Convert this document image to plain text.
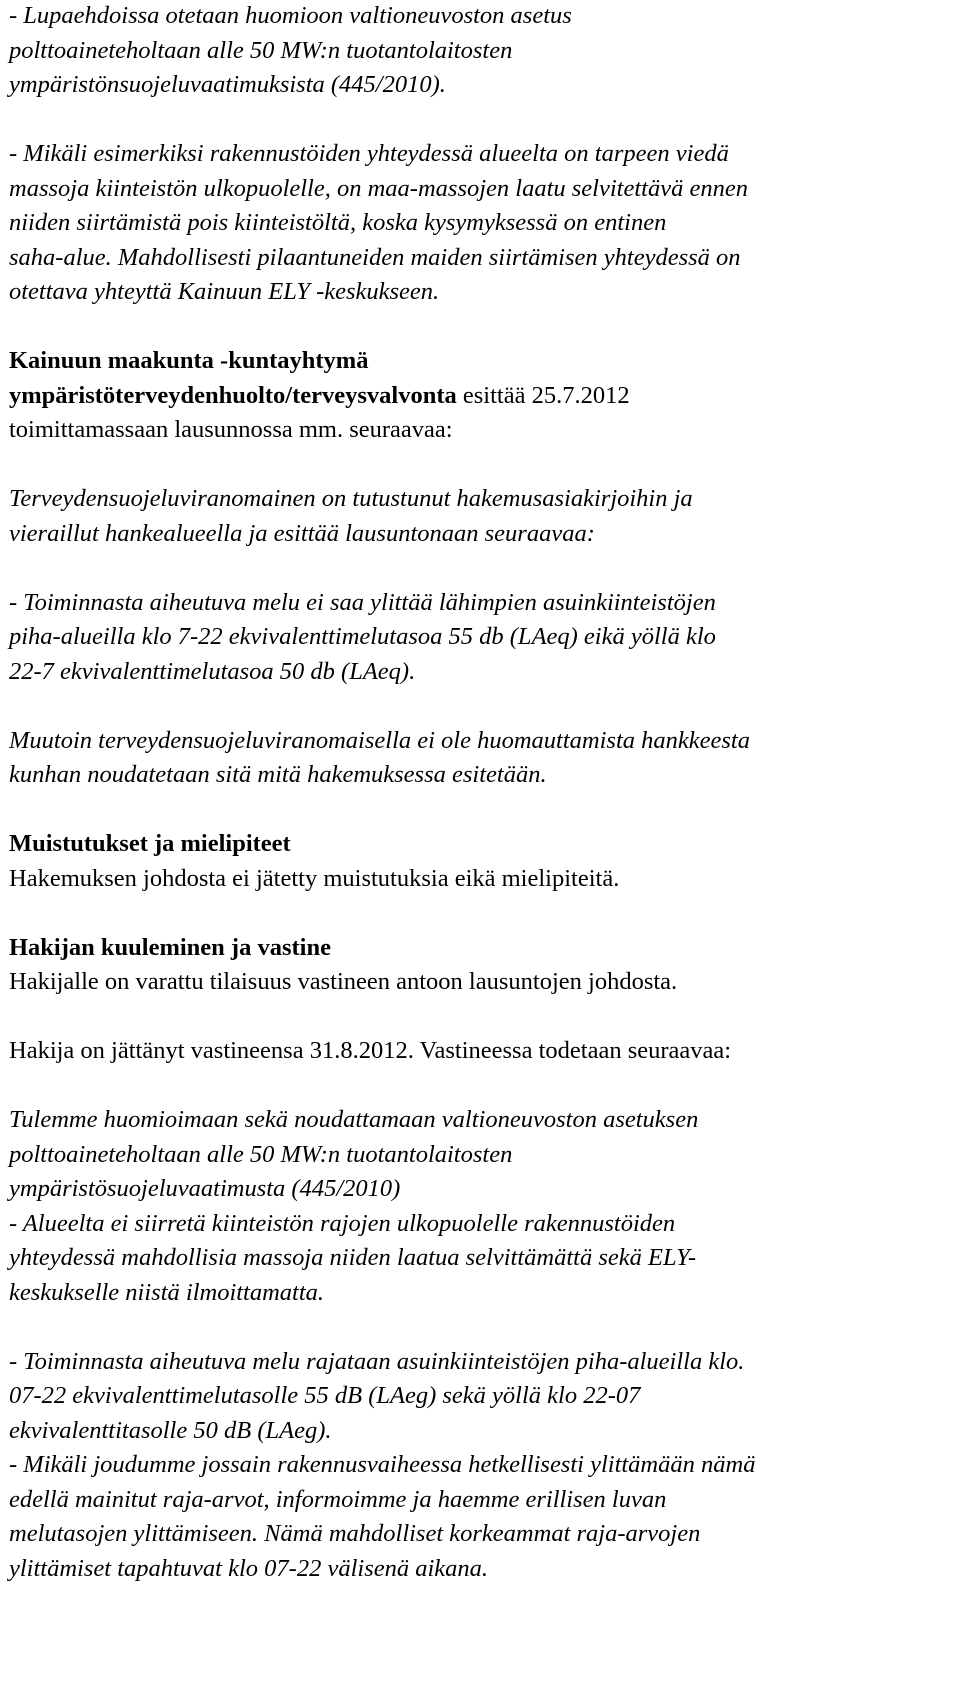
- Lupaehdoissa otetaan huomioon valtioneuvoston asetus
polttoaineteholtaan alle 50 MW:n tuotantolaitosten
ympäristönsuojeluvaatimuksista (445/2010).
- Mikäli esimerkiksi rakennustöiden yhteydessä alueelta on tarpeen viedä
massoja kiinteistön ulkopuolelle, on maa-massojen laatu selvitettävä ennen
niiden siirtämistä pois kiinteistöltä, koska kysymyksessä on entinen
saha-alue. Mahdollisesti pilaantuneiden maiden siirtämisen yhteydessä on
otettava yhteyttä Kainuun ELY -keskukseen.
Kainuun maakunta -kuntayhtymä
ympäristöterveydenhuolto/terveysvalvonta esittää 25.7.2012
toimittamassaan lausunnossa mm. seuraavaa:
Terveydensuojeluviranomainen on tutustunut hakemusasiakirjoihin ja
vieraillut hankealueella ja esittää lausuntonaan seuraavaa:
- Toiminnasta aiheutuva melu ei saa ylittää lähimpien asuinkiinteistöjen
piha-alueilla klo 7-22 ekvivalenttimelutasoa 55 db (LAeq) eikä yöllä klo
22-7 ekvivalenttimelutasoa 50 db (LAeq).
Muutoin terveydensuojeluviranomaisella ei ole huomauttamista hankkeesta
kunhan noudatetaan sitä mitä hakemuksessa esitetään.
Muistutukset ja mielipiteet
Hakemuksen johdosta ei jätetty muistutuksia eikä mielipiteitä.
Hakijan kuuleminen ja vastine
Hakijalle on varattu tilaisuus vastineen antoon lausuntojen johdosta.
Hakija on jättänyt vastineensa 31.8.2012. Vastineessa todetaan seuraavaa:
Tulemme huomioimaan sekä noudattamaan valtioneuvoston asetuksen
polttoaineteholtaan alle 50 MW:n tuotantolaitosten
ympäristösuojeluvaatimusta (445/2010)
- Alueelta ei siirretä kiinteistön rajojen ulkopuolelle rakennustöiden
yhteydessä mahdollisia massoja niiden laatua selvittämättä sekä ELY-
keskukselle niistä ilmoittamatta.
- Toiminnasta aiheutuva melu rajataan asuinkiinteistöjen piha-alueilla klo.
07-22 ekvivalenttimelutasolle 55 dB (LAeg) sekä yöllä klo 22-07
ekvivalenttitasolle 50 dB (LAeg).
- Mikäli joudumme jossain rakennusvaiheessa hetkellisesti ylittämään nämä
edellä mainitut raja-arvot, informoimme ja haemme erillisen luvan
melutasojen ylittämiseen. Nämä mahdolliset korkeammat raja-arvojen
ylittämiset tapahtuvat klo 07-22 välisenä aikana.
